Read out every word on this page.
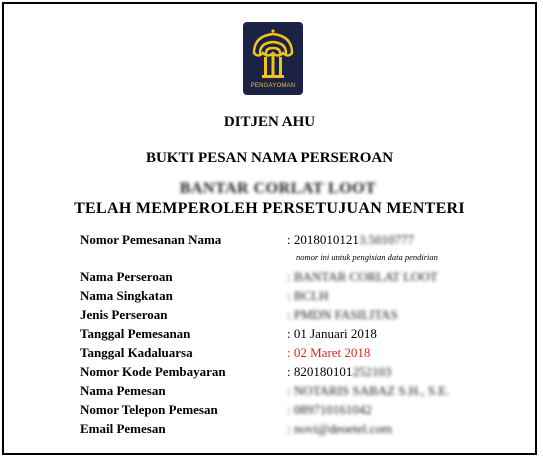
PENGAYOMAN
DITJEN AHU
BUKTI PESAN NAMA PERSEROAN
BANTAR CORLAT LOOT
TELAH MEMPEROLEH PERSETUJUAN MENTERI
Nomor Pemesanan Nama	: 20180101213.5010777
nomor ini untuk pengisian data pendirian
Nama Perseroan	: BANTAR CORLAT LOOT
Nama Singkatan	: BCLH
Jenis Perseroan	: PMDN FASILITAS
Tanggal Pemesanan	: 01 Januari 2018
Tanggal Kadaluarsa	: 02 Maret 2018
Nomor Kode Pembayaran	: 820180101252103
Nama Pemesan	: NOTARIS SABAZ S.H., S.E.
Nomor Telepon Pemesan	: 089710161042
Email Pemesan	: novi@deoetel.com
